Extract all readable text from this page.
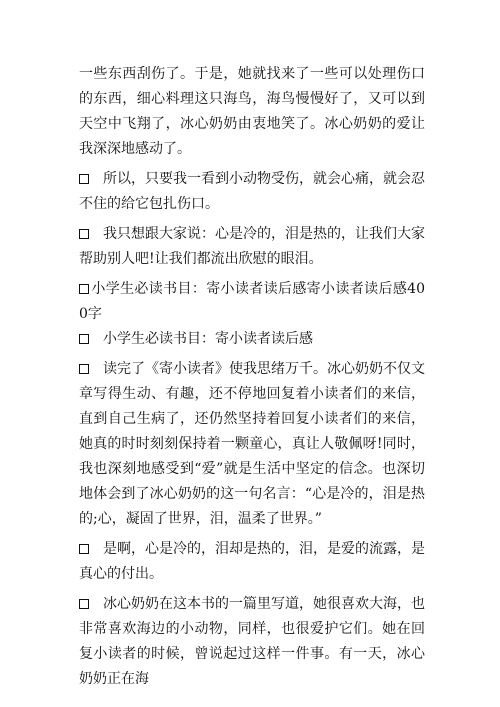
一些东西刮伤了。于是，她就找来了一些可以处理伤口的东西，细心料理这只海鸟，海鸟慢慢好了，又可以到天空中飞翔了，冰心奶奶由衷地笑了。冰心奶奶的爱让我深深地感动了。

所以，只要我一看到小动物受伤，就会心痛，就会忍不住的给它包扎伤口。

我只想跟大家说：心是冷的，泪是热的，让我们大家帮助别人吧!让我们都流出欣慰的眼泪。

小学生必读书目：寄小读者读后感寄小读者读后感400字

小学生必读书目：寄小读者读后感

读完了《寄小读者》使我思绪万千。冰心奶奶不仅文章写得生动、有趣，还不停地回复着小读者们的来信，直到自己生病了，还仍然坚持着回复小读者们的来信，她真的时时刻刻保持着一颗童心，真让人敬佩呀!同时，我也深刻地感受到“爱”就是生活中坚定的信念。也深切地体会到了冰心奶奶的这一句名言：“心是冷的，泪是热的;心，凝固了世界，泪，温柔了世界。”

是啊，心是冷的，泪却是热的，泪，是爱的流露，是真心的付出。

冰心奶奶在这本书的一篇里写道，她很喜欢大海，也非常喜欢海边的小动物，同样，也很爱护它们。她在回复小读者的时候，曾说起过这样一件事。有一天，冰心奶奶正在海
